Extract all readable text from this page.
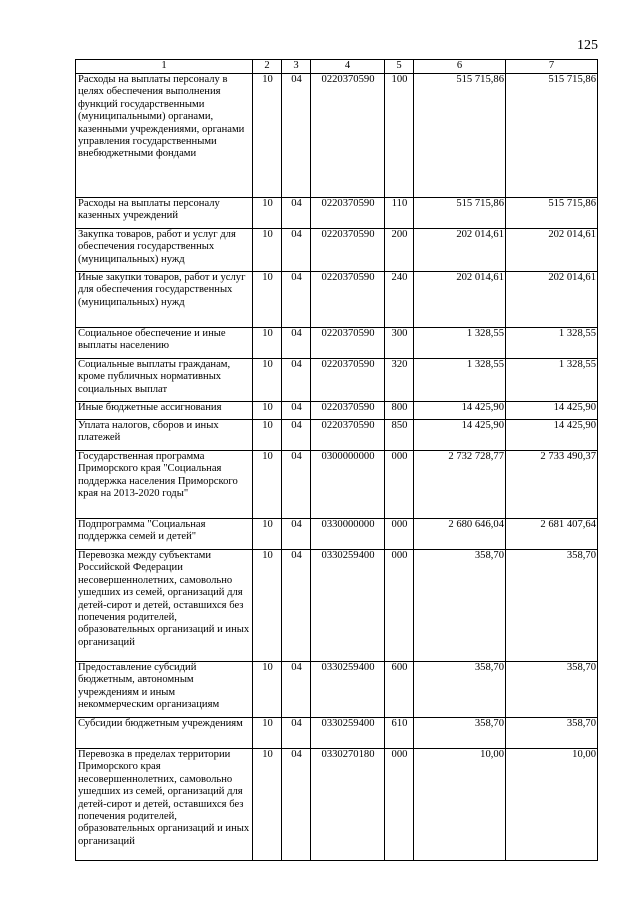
125
1	2	3	4	5	6	7
Расходы на выплаты персоналу в целях обеспечения выполнения функций государственными (муниципальными) органами, казенными учреждениями, органами управления государственными внебюджетными фондами	10	04	0220370590	100	515 715,86	515 715,86
Расходы на выплаты персоналу казенных учреждений	10	04	0220370590	110	515 715,86	515 715,86
Закупка товаров, работ и услуг для обеспечения государственных (муниципальных) нужд	10	04	0220370590	200	202 014,61	202 014,61
Иные закупки товаров, работ и услуг для обеспечения государственных (муниципальных) нужд	10	04	0220370590	240	202 014,61	202 014,61
Социальное обеспечение и иные выплаты населению	10	04	0220370590	300	1 328,55	1 328,55
Социальные выплаты гражданам, кроме публичных нормативных социальных выплат	10	04	0220370590	320	1 328,55	1 328,55
Иные бюджетные ассигнования	10	04	0220370590	800	14 425,90	14 425,90
Уплата налогов, сборов и иных платежей	10	04	0220370590	850	14 425,90	14 425,90
Государственная программа Приморского края "Социальная поддержка населения Приморского края на 2013-2020 годы"	10	04	0300000000	000	2 732 728,77	2 733 490,37
Подпрограмма "Социальная поддержка семей и детей"	10	04	0330000000	000	2 680 646,04	2 681 407,64
Перевозка между субъектами Российской Федерации несовершеннолетних, самовольно ушедших из семей, организаций для детей-сирот и детей, оставшихся без попечения родителей, образовательных организаций и иных организаций	10	04	0330259400	000	358,70	358,70
Предоставление субсидий бюджетным, автономным учреждениям и иным некоммерческим организациям	10	04	0330259400	600	358,70	358,70
Субсидии бюджетным учреждениям	10	04	0330259400	610	358,70	358,70
Перевозка в пределах территории Приморского края несовершеннолетних, самовольно ушедших из семей, организаций для детей-сирот и детей, оставшихся без попечения родителей, образовательных организаций и иных организаций	10	04	0330270180	000	10,00	10,00
